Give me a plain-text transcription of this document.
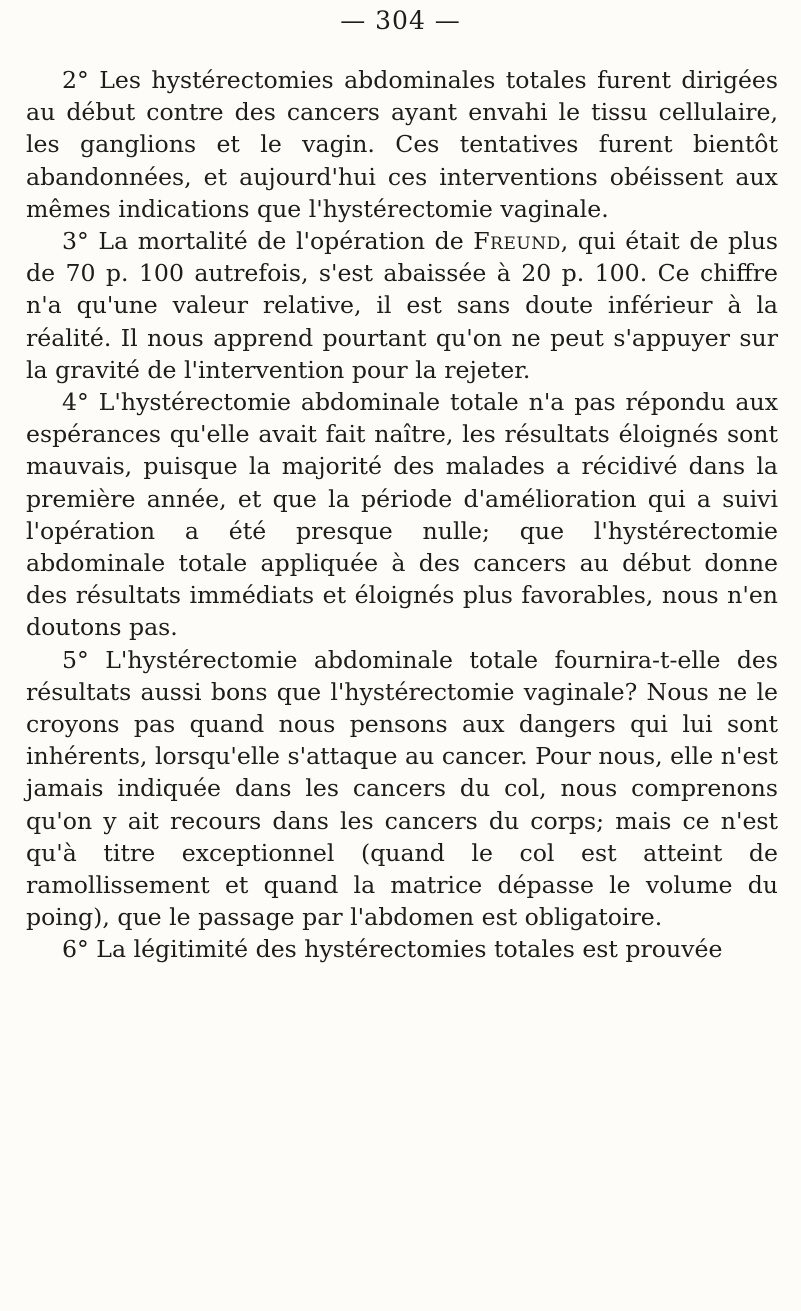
— 304 —

2° Les hystérectomies abdominales totales furent dirigées au début contre des cancers ayant envahi le tissu cellulaire, les ganglions et le vagin. Ces tentatives furent bientôt abandonnées, et aujourd'hui ces interventions obéissent aux mêmes indications que l'hystérectomie vaginale.

3° La mortalité de l'opération de Freund, qui était de plus de 70 p. 100 autrefois, s'est abaissée à 20 p. 100. Ce chiffre n'a qu'une valeur relative, il est sans doute inférieur à la réalité. Il nous apprend pourtant qu'on ne peut s'appuyer sur la gravité de l'intervention pour la rejeter.

4° L'hystérectomie abdominale totale n'a pas répondu aux espérances qu'elle avait fait naître, les résultats éloignés sont mauvais, puisque la majorité des malades a récidivé dans la première année, et que la période d'amélioration qui a suivi l'opération a été presque nulle; que l'hystérectomie abdominale totale appliquée à des cancers au début donne des résultats immédiats et éloignés plus favorables, nous n'en doutons pas.

5° L'hystérectomie abdominale totale fournira-t-elle des résultats aussi bons que l'hystérectomie vaginale? Nous ne le croyons pas quand nous pensons aux dangers qui lui sont inhérents, lorsqu'elle s'attaque au cancer. Pour nous, elle n'est jamais indiquée dans les cancers du col, nous comprenons qu'on y ait recours dans les cancers du corps; mais ce n'est qu'à titre exceptionnel (quand le col est atteint de ramollissement et quand la matrice dépasse le volume du poing), que le passage par l'abdomen est obligatoire.

6° La légitimité des hystérectomies totales est prouvée
